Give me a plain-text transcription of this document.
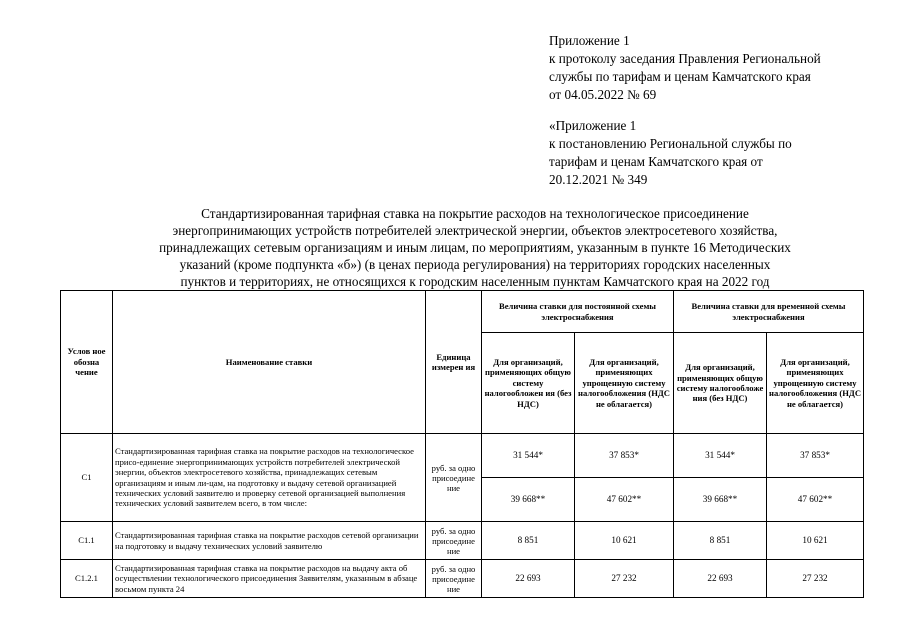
Приложение 1
к протоколу заседания Правления Региональной
службы по тарифам и ценам Камчатского края
от 04.05.2022 № 69
«Приложение 1
к постановлению Региональной службы по
тарифам и ценам Камчатского края от
20.12.2021 № 349
Стандартизированная тарифная ставка на покрытие расходов на технологическое присоединение
энергопринимающих устройств потребителей электрической энергии, объектов электросетевого хозяйства,
принадлежащих сетевым организациям и иным лицам, по мероприятиям, указанным в пункте 16 Методических
указаний (кроме подпункта «б») (в ценах периода регулирования) на территориях городских населенных
пунктов и территориях, не относящихся к городским населенным пунктам Камчатского края на 2022 год
Услов ное обозна чение	Наименование ставки	Единица измерен ия	Величина ставки для постоянной схемы электроснабжения		Величина ставки для временной схемы электроснабжения	
			Для организаций, применяющих общую систему налогообложен ия (без НДС)	Для организаций, применяющих упрощенную систему налогообложения (НДС не облагается)	Для организаций, применяющих общую систему налогообложе ния (без НДС)	Для организаций, применяющих упрощенную систему налогообложения (НДС не облагается)
С1	Стандартизированная тарифная ставка на покрытие расходов на технологическое присо-единение энергопринимающих устройств потребителей электрической энергии, объектов электросетевого хозяйства, принадлежащих сетевым организациям и иным ли-цам, на подготовку и выдачу сетевой организацией технических условий заявителю и проверку сетевой организацией выполнения технических условий заявителем всего, в том числе:	руб. за одно присоедине ние	31 544*	37 853*	31 544*	37 853*
			39 668**	47 602**	39 668**	47 602**
С1.1	Стандартизированная тарифная ставка на покрытие расходов сетевой организации на подготовку и выдачу технических условий заявителю	руб. за одно присоедине ние	8 851	10 621	8 851	10 621
С1.2.1	Стандартизированная тарифная ставка на покрытие расходов на выдачу акта об осуществлении технологического присоединения Заявителям, указанным в абзаце восьмом пункта 24	руб. за одно присоедине ние	22 693	27 232	22 693	27 232
